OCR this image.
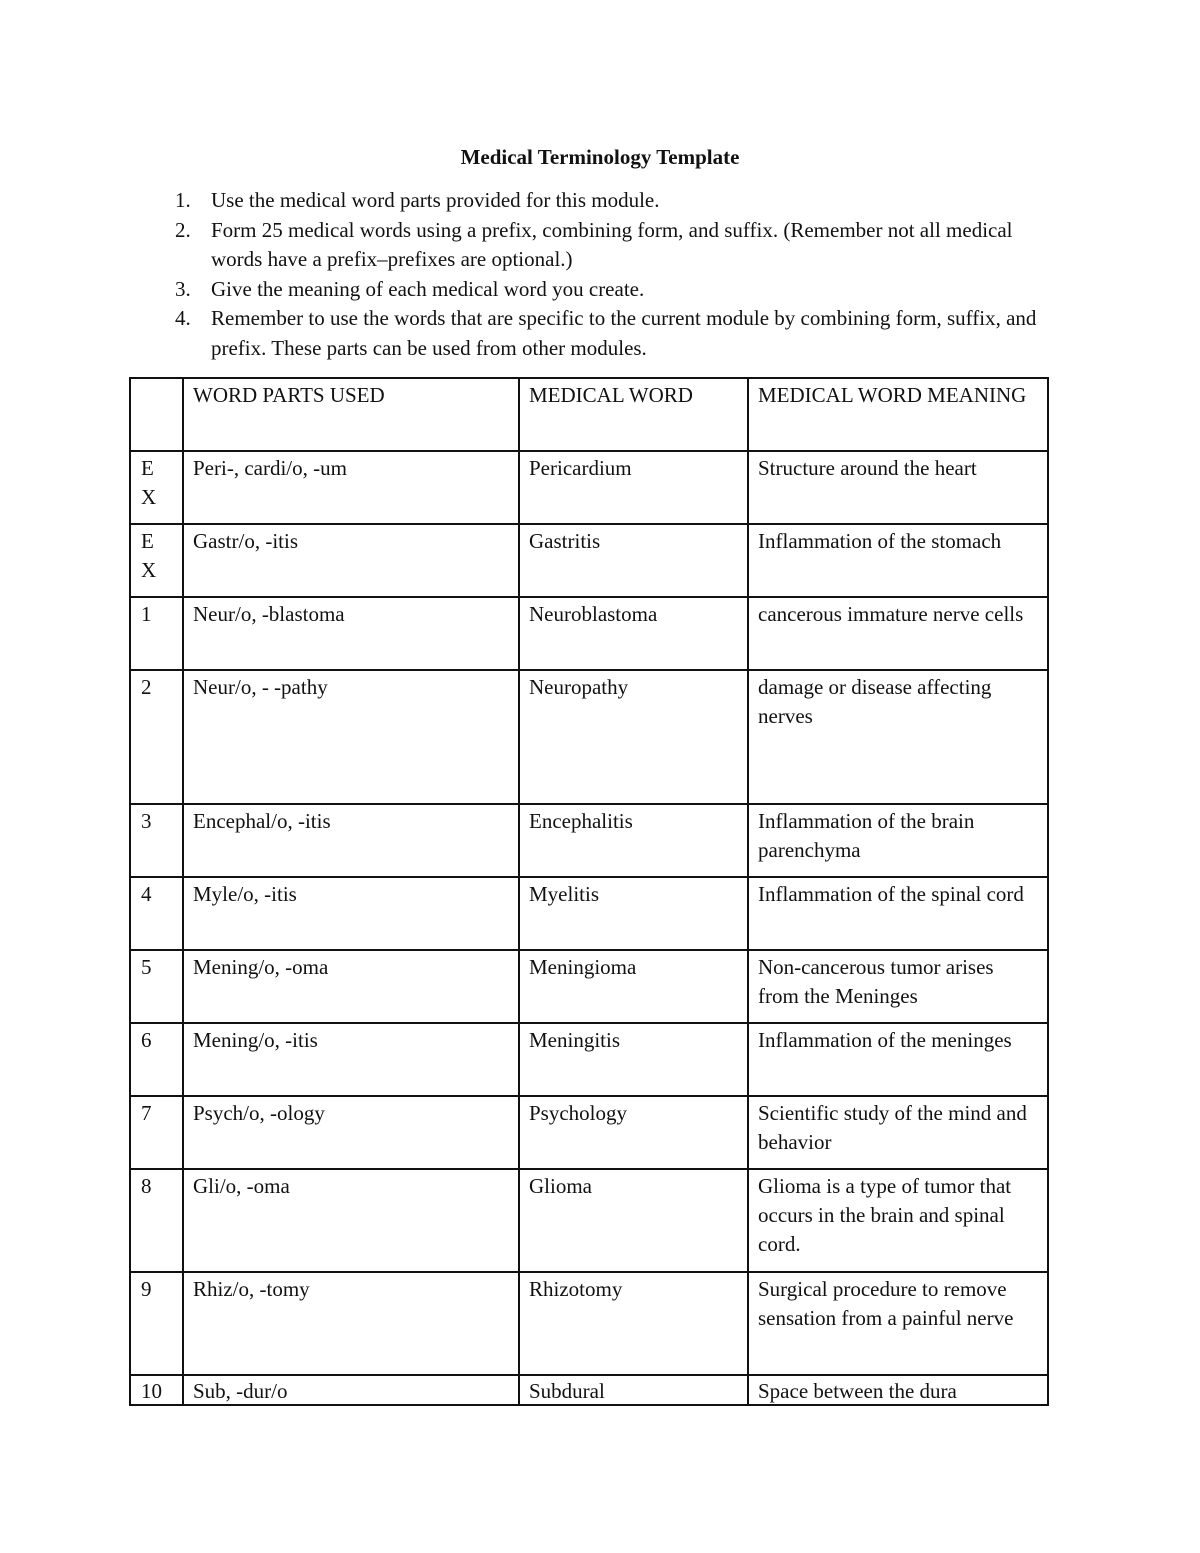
Medical Terminology Template
1. Use the medical word parts provided for this module.
2. Form 25 medical words using a prefix, combining form, and suffix. (Remember not all medical words have a prefix–prefixes are optional.)
3. Give the meaning of each medical word you create.
4. Remember to use the words that are specific to the current module by combining form, suffix, and prefix. These parts can be used from other modules.
	WORD PARTS USED	MEDICAL WORD	MEDICAL WORD MEANING
E X	Peri-, cardi/o, -um	Pericardium	Structure around the heart
E X	Gastr/o, -itis	Gastritis	Inflammation of the stomach
1	Neur/o, -blastoma	Neuroblastoma	cancerous immature nerve cells
2	Neur/o, - -pathy	Neuropathy	damage or disease affecting nerves
3	Encephal/o, -itis	Encephalitis	Inflammation of the brain parenchyma
4	Myle/o, -itis	Myelitis	Inflammation of the spinal cord
5	Mening/o, -oma	Meningioma	Non-cancerous tumor arises from the Meninges
6	Mening/o, -itis	Meningitis	Inflammation of the meninges
7	Psych/o, -ology	Psychology	Scientific study of the mind and behavior
8	Gli/o, -oma	Glioma	Glioma is a type of tumor that occurs in the brain and spinal cord.
9	Rhiz/o, -tomy	Rhizotomy	Surgical procedure to remove sensation from a painful nerve
10	Sub, -dur/o	Subdural	Space between the dura
